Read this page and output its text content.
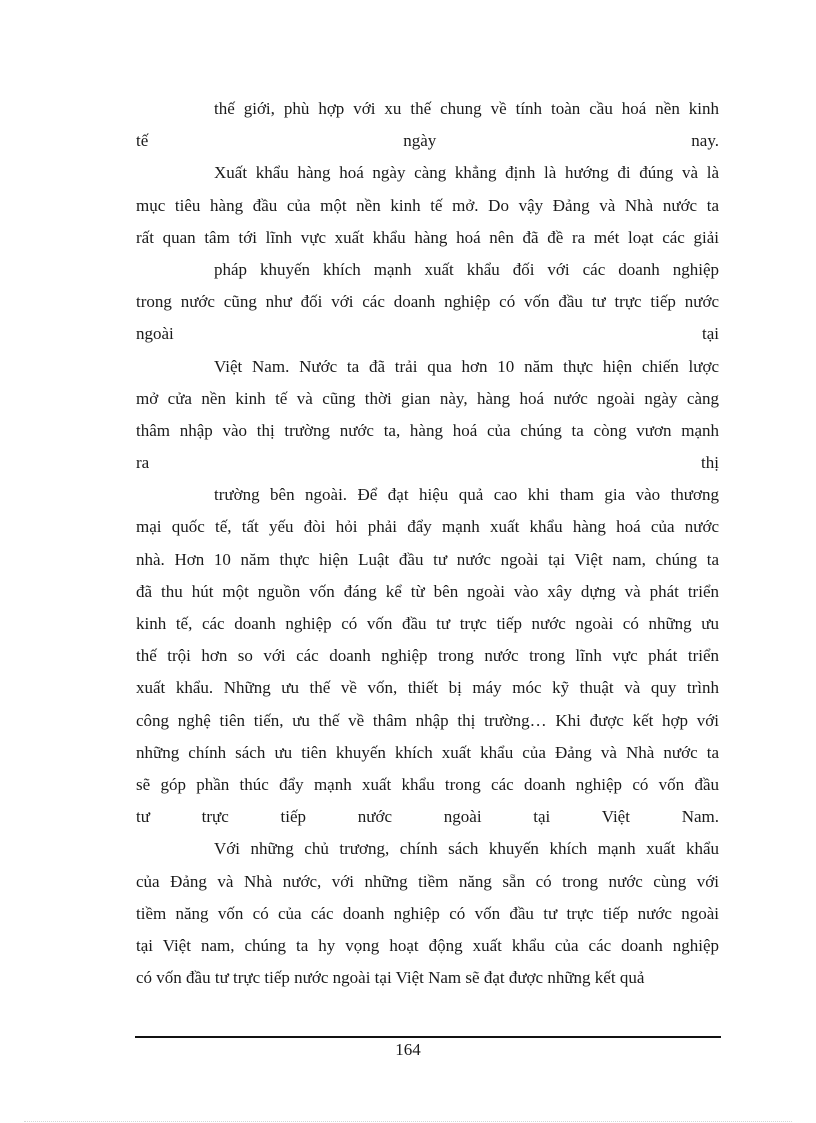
thế giới, phù hợp với xu thế chung về tính toàn cầu hoá nền kinh
tế ngày nay.
Xuất khẩu hàng hoá ngày càng khẳng định là hướng đi đúng và là
mục tiêu hàng đầu của một nền kinh tế mở. Do vậy Đảng và Nhà nước ta
rất quan tâm tới lĩnh vực xuất khẩu hàng hoá nên đã đề ra mét loạt các giải
pháp khuyến khích mạnh xuất khẩu đối với các doanh nghiệp
trong nước cũng như đối với các doanh nghiệp có vốn đầu tư trực tiếp nước
ngoài tại
Việt Nam. Nước ta đã trải qua hơn 10 năm thực hiện chiến lược
mở cửa nền kinh tế và cũng thời gian này, hàng hoá nước ngoài ngày càng
thâm nhập vào thị trường nước ta, hàng hoá của chúng ta còng vươn mạnh
ra thị
trường bên ngoài. Để đạt hiệu quả cao khi tham gia vào thương
mại quốc tế, tất yếu đòi hỏi phải đẩy mạnh xuất khẩu hàng hoá của nước
nhà. Hơn 10 năm thực hiện Luật đầu tư nước ngoài tại Việt nam, chúng ta
đã thu hút một nguồn vốn đáng kể từ bên ngoài vào xây dựng và phát triển
kinh tế, các doanh nghiệp có vốn đầu tư trực tiếp nước ngoài có những ưu
thế trội hơn so với các doanh nghiệp trong nước trong lĩnh vực phát triển
xuất khẩu. Những ưu thế về vốn, thiết bị máy móc kỹ thuật và quy trình
công nghệ tiên tiến, ưu thế về thâm nhập thị trường… Khi được kết hợp với
những chính sách ưu tiên khuyến khích xuất khẩu của Đảng và Nhà nước ta
sẽ góp phần thúc đẩy mạnh xuất khẩu trong các doanh nghiệp có vốn đầu
tư trực tiếp nước ngoài tại Việt Nam.
Với những chủ trương, chính sách khuyến khích mạnh xuất khẩu
của Đảng và Nhà nước, với những tiềm năng sẵn có trong nước cùng với
tiềm năng vốn có của các doanh nghiệp có vốn đầu tư trực tiếp nước ngoài
tại Việt nam, chúng ta hy vọng hoạt động xuất khẩu của các doanh nghiệp
có vốn đầu tư trực tiếp nước ngoài tại Việt Nam sẽ đạt được những kết quả
164
